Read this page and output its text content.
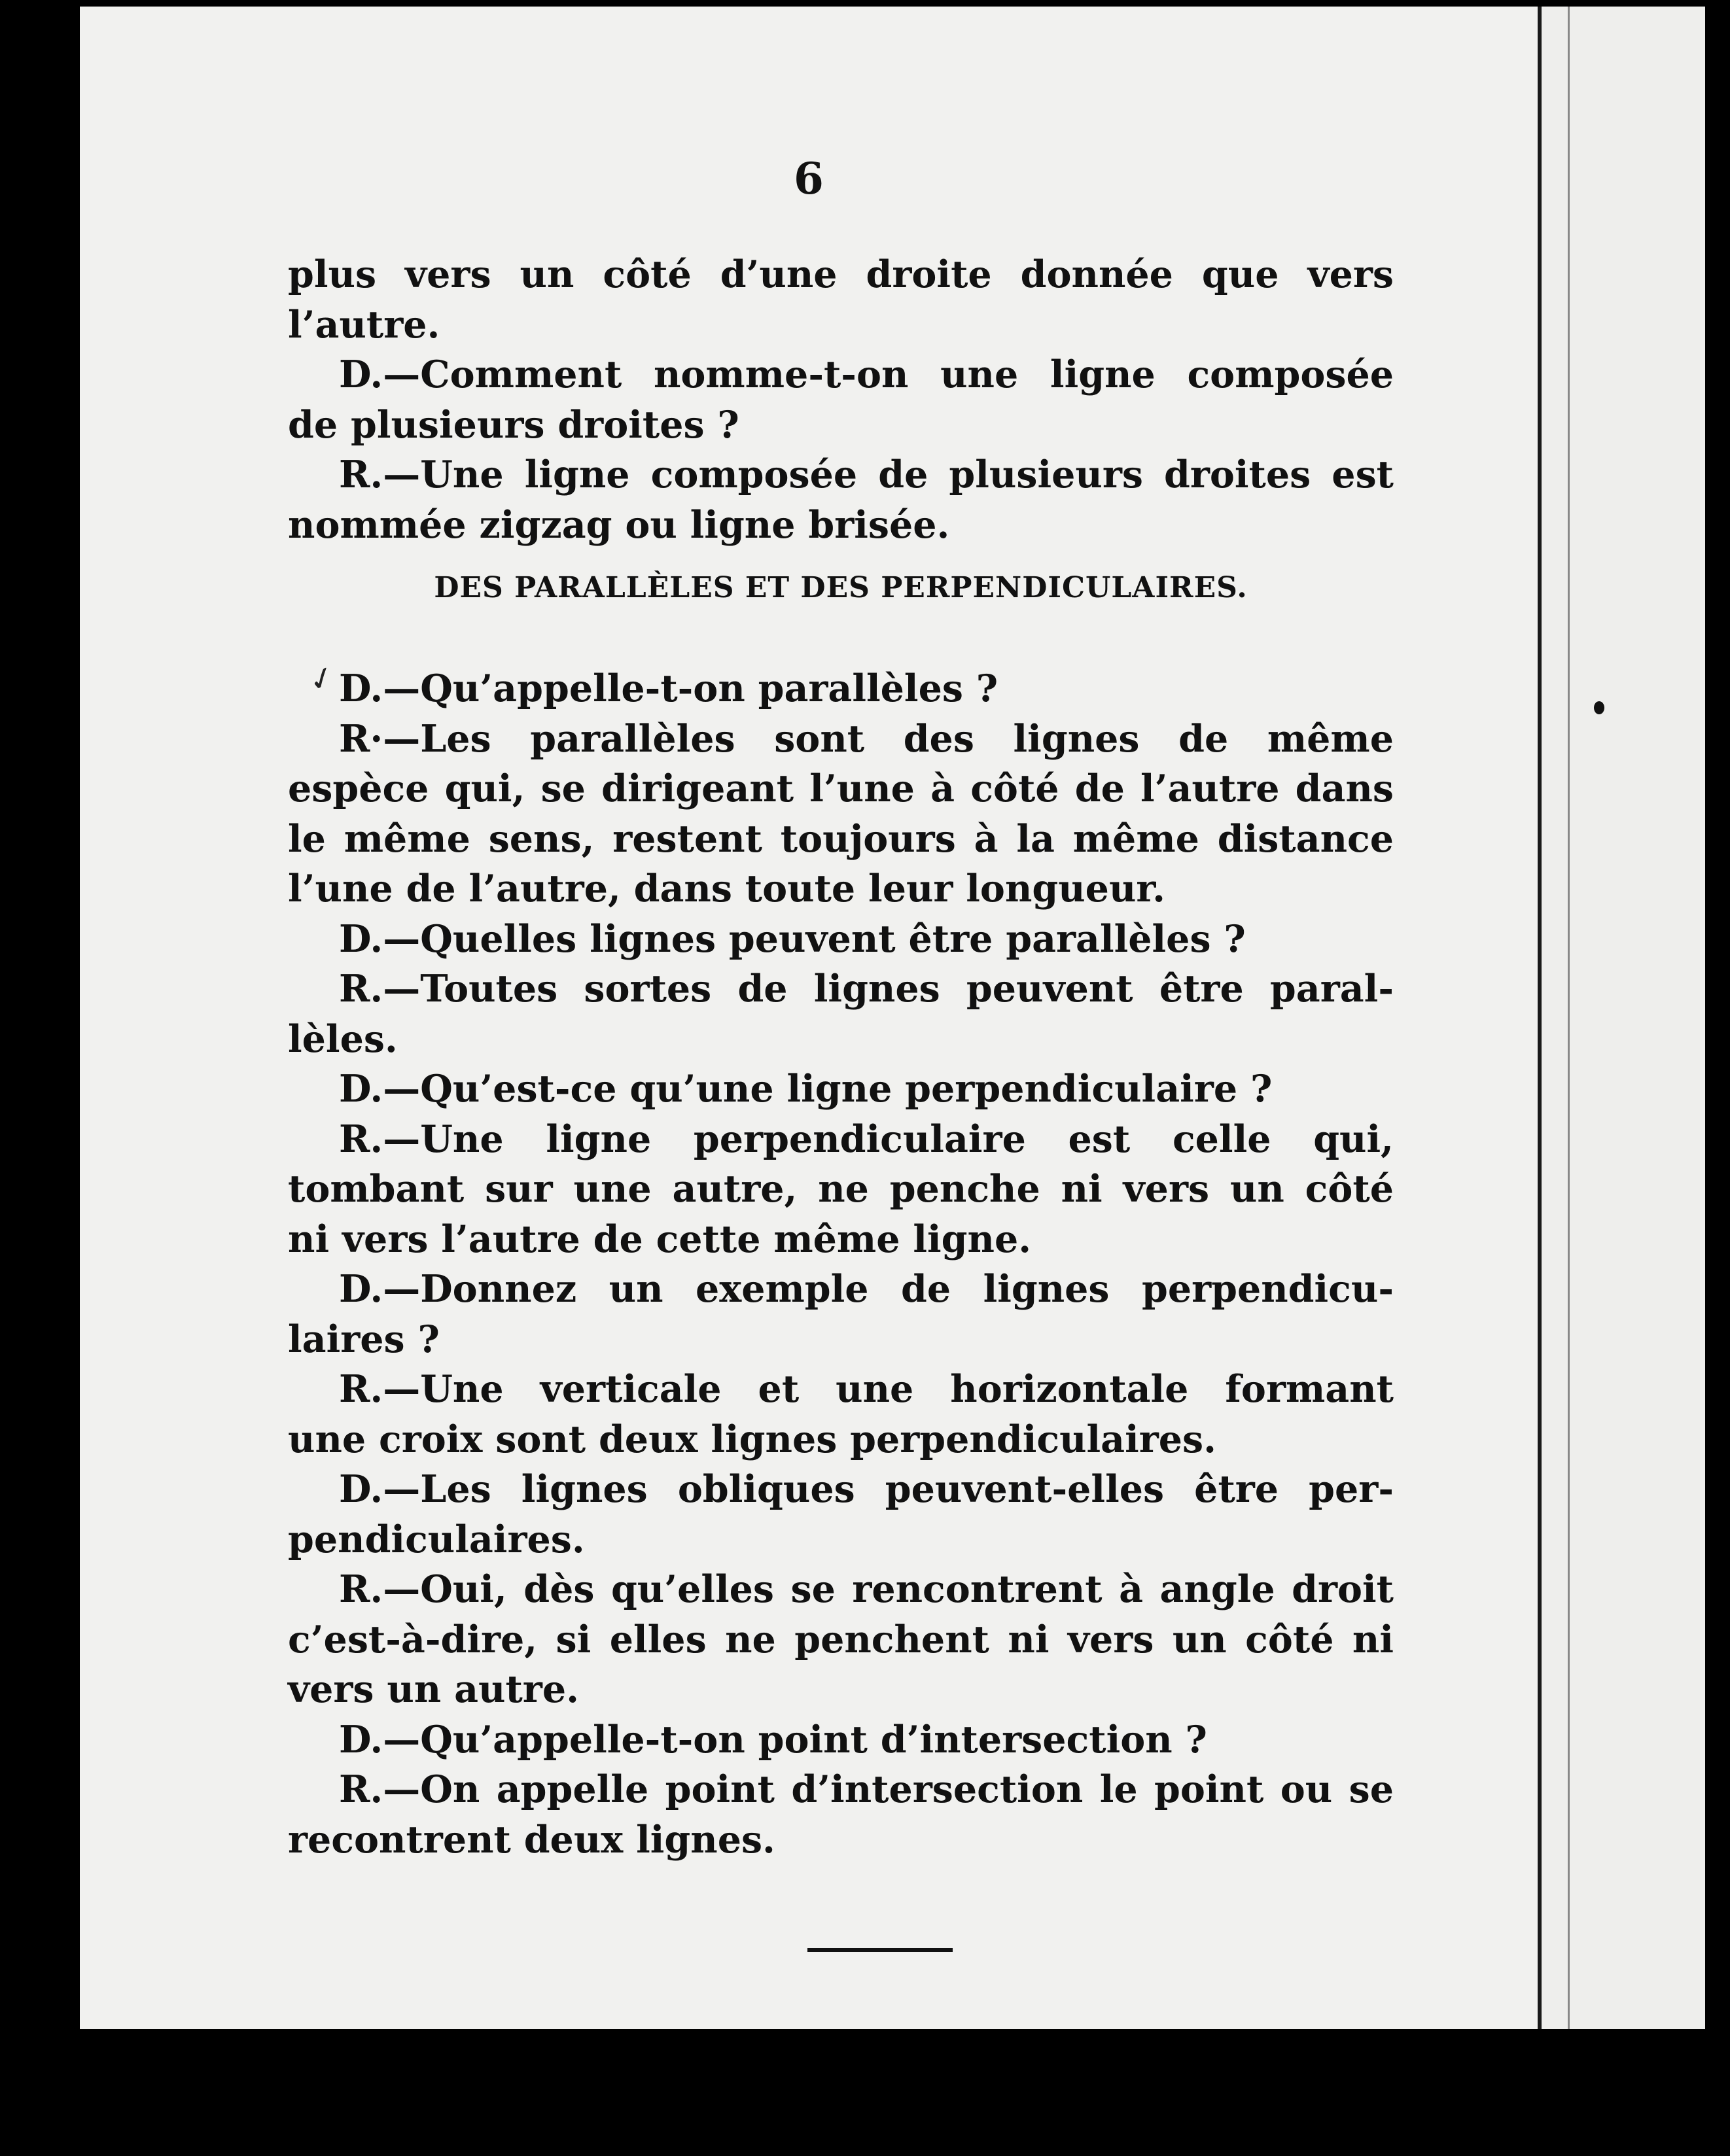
6
plus vers un côté d’une droite donnée que vers
l’autre.
D.—Comment nomme-t-on une ligne composée
de plusieurs droites ?
R.—Une ligne composée de plusieurs droites est
nommée zigzag ou ligne brisée.
DES PARALLÈLES ET DES PERPENDICULAIRES.
D.—Qu’appelle-t-on parallèles ?
R·—Les parallèles sont des lignes de même
espèce qui, se dirigeant l’une à côté de l’autre dans
le même sens, restent toujours à la même distance
l’une de l’autre, dans toute leur longueur.
D.—Quelles lignes peuvent être parallèles ?
R.—Toutes sortes de lignes peuvent être paral-
lèles.
D.—Qu’est-ce qu’une ligne perpendiculaire ?
R.—Une ligne perpendiculaire est celle qui,
tombant sur une autre, ne penche ni vers un côté
ni vers l’autre de cette même ligne.
D.—Donnez un exemple de lignes perpendicu-
laires ?
R.—Une verticale et une horizontale formant
une croix sont deux lignes perpendiculaires.
D.—Les lignes obliques peuvent-elles être per-
pendiculaires.
R.—Oui, dès qu’elles se rencontrent à angle droit
c’est-à-dire, si elles ne penchent ni vers un côté ni
vers un autre.
D.—Qu’appelle-t-on point d’intersection ?
R.—On appelle point d’intersection le point ou se
recontrent deux lignes.
✓
